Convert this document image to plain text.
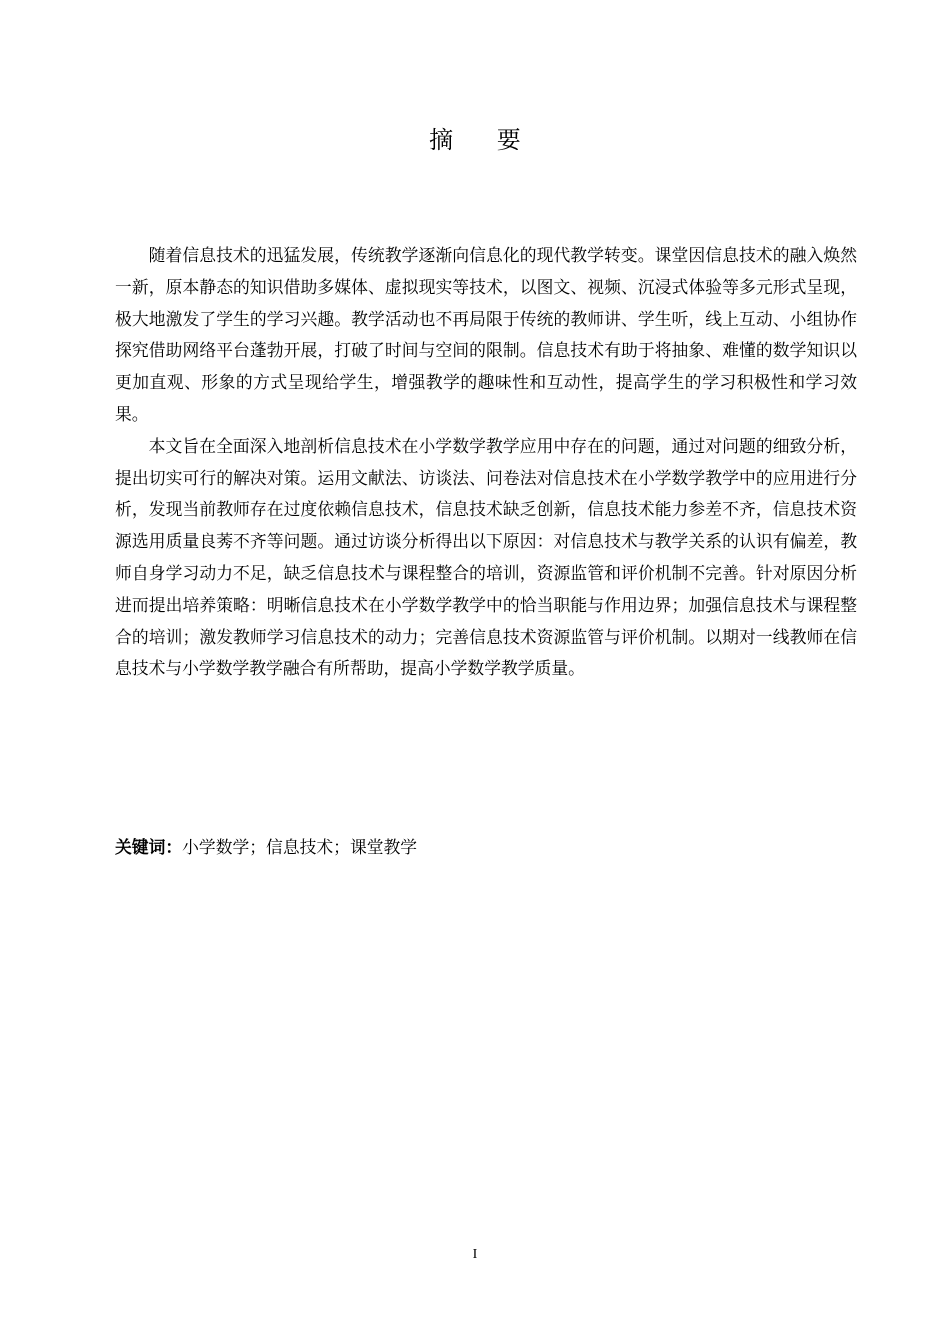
摘 要

随着信息技术的迅猛发展，传统教学逐渐向信息化的现代教学转变。课堂因信息技术的融入焕然一新，原本静态的知识借助多媒体、虚拟现实等技术，以图文、视频、沉浸式体验等多元形式呈现，极大地激发了学生的学习兴趣。教学活动也不再局限于传统的教师讲、学生听，线上互动、小组协作探究借助网络平台蓬勃开展，打破了时间与空间的限制。信息技术有助于将抽象、难懂的数学知识以更加直观、形象的方式呈现给学生，增强教学的趣味性和互动性，提高学生的学习积极性和学习效果。

本文旨在全面深入地剖析信息技术在小学数学教学应用中存在的问题，通过对问题的细致分析，提出切实可行的解决对策。运用文献法、访谈法、问卷法对信息技术在小学数学教学中的应用进行分析，发现当前教师存在过度依赖信息技术，信息技术缺乏创新，信息技术能力参差不齐，信息技术资源选用质量良莠不齐等问题。通过访谈分析得出以下原因：对信息技术与教学关系的认识有偏差，教师自身学习动力不足，缺乏信息技术与课程整合的培训，资源监管和评价机制不完善。针对原因分析进而提出培养策略：明晰信息技术在小学数学教学中的恰当职能与作用边界；加强信息技术与课程整合的培训；激发教师学习信息技术的动力；完善信息技术资源监管与评价机制。以期对一线教师在信息技术与小学数学教学融合有所帮助，提高小学数学教学质量。

关键词：小学数学；信息技术；课堂教学
I
